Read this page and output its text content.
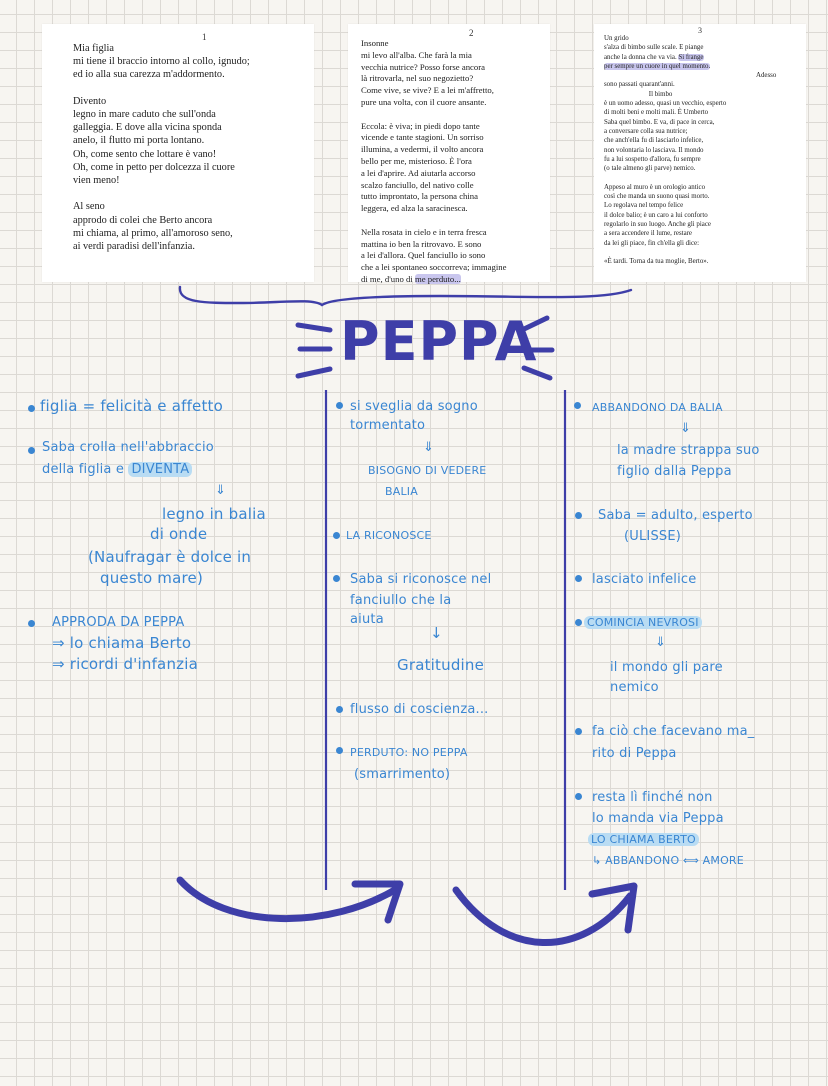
1
Mia figlia
mi tiene il braccio intorno al collo, ignudo;
ed io alla sua carezza m'addormento.

Divento
legno in mare caduto che sull'onda
galleggia. E dove alla vicina sponda
anelo, il flutto mi porta lontano.
Oh, come sento che lottare è vano!
Oh, come in petto per dolcezza il cuore
vien meno!

Al seno
approdo di colei che Berto ancora
mi chiama, al primo, all'amoroso seno,
ai verdi paradisi dell'infanzia.
2
Insonne
mi levo all'alba. Che farà la mia
vecchia nutrice? Posso forse ancora
là ritrovarla, nel suo negozietto?
Come vive, se vive? E a lei m'affretto,
pure una volta, con il cuore ansante.

Eccola: è viva; in piedi dopo tante
vicende e tante stagioni. Un sorriso
illumina, a vedermi, il volto ancora
bello per me, misterioso. È l'ora
a lei d'aprire. Ad aiutarla accorso
scalzo fanciullo, del nativo colle
tutto improntato, la persona china
leggera, ed alza la saracinesca.

Nella rosata in cielo e in terra fresca
mattina io ben la ritrovavo. E sono
a lei d'allora. Quel fanciullo io sono
che a lei spontaneo soccorreva; immagine
di me, d'uno di me perduto...
3
Un grido
s'alza di bimbo sulle scale. E piange
anche la donna che va via. Si frange
per sempre un cuore in quel momento.
Adesso
sono passati quarant'anni.
Il bimbo
è un uomo adesso, quasi un vecchio, esperto
di molti beni e molti mali. È Umberto
Saba quel bimbo. E va, di pace in cerca,
a conversare colla sua nutrice;
che anch'ella fu di lasciarlo infelice,
non volontaria lo lasciava. Il mondo
fu a lui sospetto d'allora, fu sempre
(o tale almeno gli parve) nemico.

Appeso al muro è un orologio antico
così che manda un suono quasi morto.
Lo regolava nel tempo felice
il dolce balio; è un caro a lui conforto
regolarlo in suo luogo. Anche gli piace
a sera accendere il lume, restare
da lei gli piace, fin ch'ella gli dice:

«È tardi. Torna da tua moglie, Berto».
PEPPA
figlia = felicità e affetto
Saba crolla nell'abbraccio
della figlia e DIVENTA
⇓
legno in balia
di onde
(Naufragar è dolce in
questo mare)
APPRODA DA PEPPA
⇒ lo chiama Berto
⇒ ricordi d'infanzia
si sveglia da sogno
tormentato
⇓
BISOGNO DI VEDERE
BALIA
LA RICONOSCE
Saba si riconosce nel
fanciullo che la
aiuta
↓
Gratitudine
flusso di coscienza...
PERDUTO: NO PEPPA
(smarrimento)
ABBANDONO DA BALIA
⇓
la madre strappa suo
figlio dalla Peppa
Saba = adulto, esperto
(ULISSE)
lasciato infelice
COMINCIA NEVROSI
⇓
il mondo gli pare
nemico
fa ciò che facevano ma_
rito di Peppa
resta lì finché non
lo manda via Peppa
LO CHIAMA BERTO
↳ ABBANDONO ⟺ AMORE
